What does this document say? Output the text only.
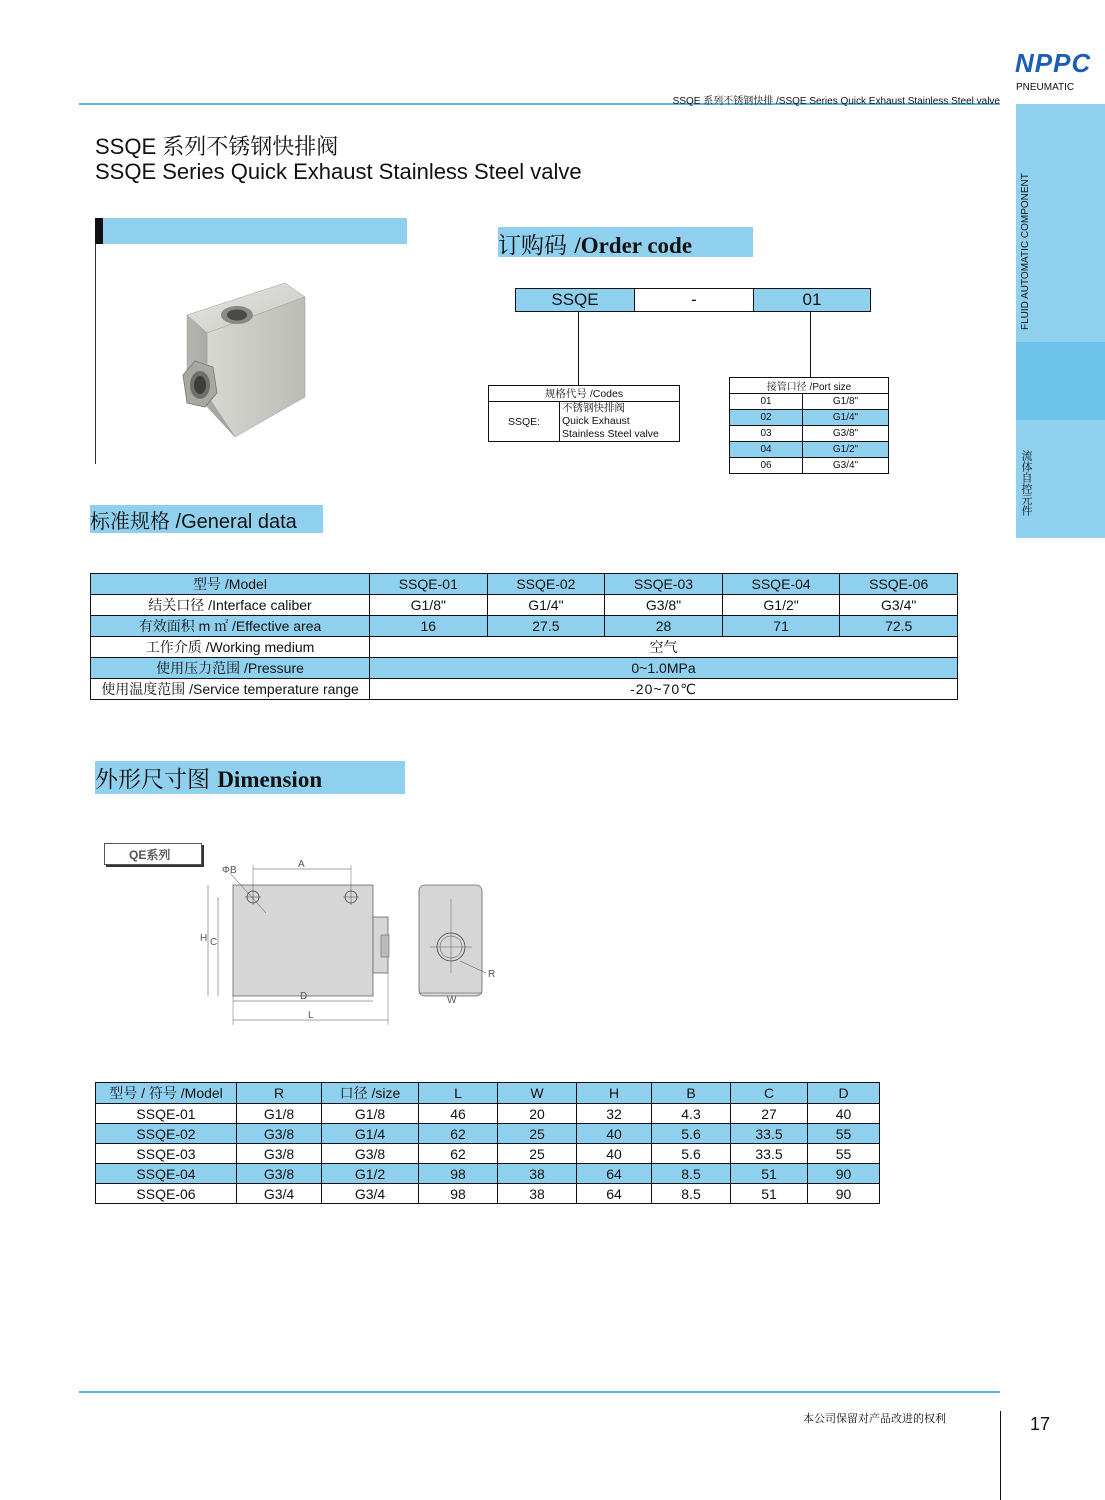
SSQE 系列不锈钢快排 /SSQE Series Quick Exhaust Stainless Steel valve
NPPC
PNEUMATIC
FLUID AUTOMATIC COMPONENT
流体自控元件
SSQE 系列不锈钢快排阀
SSQE Series Quick Exhaust Stainless Steel valve
订购码 /Order code
SSQE	-	01
规格代号 /Codes
SSQE:	
不锈钢快排阀
Quick Exhaust
Stainless Steel valve
接管口径 /Port size	
01	G1/8"
02	G1/4"
03	G3/8"
04	G1/2"
06	G3/4"
标准规格 /General data
型号 /Model	SSQE-01	SSQE-02	SSQE-03	SSQE-04	SSQE-06
结关口径 /Interface caliber	G1/8"	G1/4"	G3/8"	G1/2"	G3/4"
有效面积 m ㎡ /Effective area	16	27.5	28	71	72.5
工作介质 /Working medium	空气				
使用压力范围 /Pressure	0~1.0MPa				
使用温度范围 /Service temperature range	-20~70℃				
外形尺寸图 Dimension
QE系列
A
ΦB
H C
D
L
R
W
型号 / 符号 /Model	R	口径 /size	L	W	H	B	C	D
SSQE-01	G1/8	G1/8	46	20	32	4.3	27	40
SSQE-02	G3/8	G1/4	62	25	40	5.6	33.5	55
SSQE-03	G3/8	G3/8	62	25	40	5.6	33.5	55
SSQE-04	G3/8	G1/2	98	38	64	8.5	51	90
SSQE-06	G3/4	G3/4	98	38	64	8.5	51	90
本公司保留对产品改进的权利	17
